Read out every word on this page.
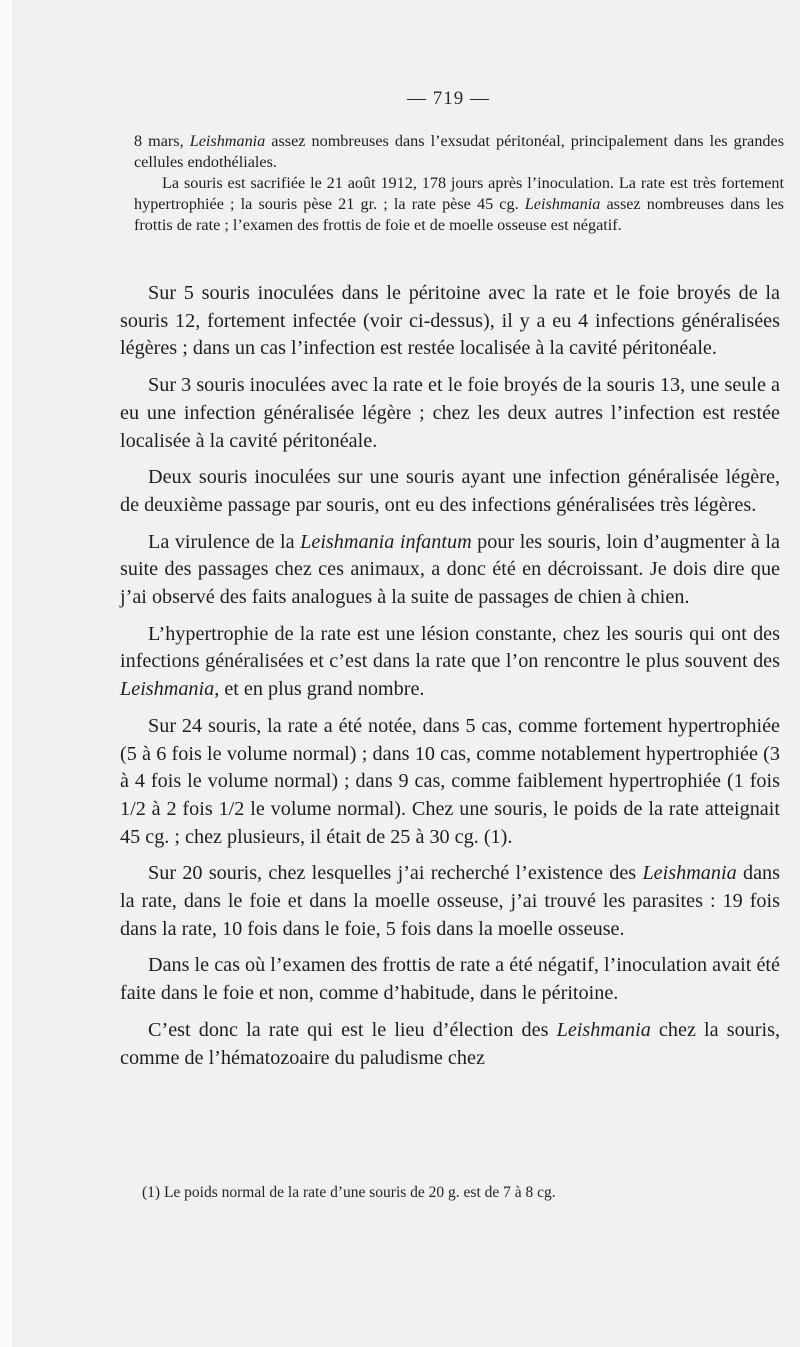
— 719 —
8 mars, Leishmania assez nombreuses dans l’exsudat péritonéal, principalement dans les grandes cellules endothéliales.
La souris est sacrifiée le 21 août 1912, 178 jours après l’inoculation. La rate est très fortement hypertrophiée ; la souris pèse 21 gr. ; la rate pèse 45 cg. Leishmania assez nombreuses dans les frottis de rate ; l’examen des frottis de foie et de moelle osseuse est négatif.

Sur 5 souris inoculées dans le péritoine avec la rate et le foie broyés de la souris 12, fortement infectée (voir ci-dessus), il y a eu 4 infections généralisées légères ; dans un cas l’infection est restée localisée à la cavité péritonéale.

Sur 3 souris inoculées avec la rate et le foie broyés de la souris 13, une seule a eu une infection généralisée légère ; chez les deux autres l’infection est restée localisée à la cavité péritonéale.

Deux souris inoculées sur une souris ayant une infection généralisée légère, de deuxième passage par souris, ont eu des infections généralisées très légères.

La virulence de la Leishmania infantum pour les souris, loin d’augmenter à la suite des passages chez ces animaux, a donc été en décroissant. Je dois dire que j’ai observé des faits analogues à la suite de passages de chien à chien.

L’hypertrophie de la rate est une lésion constante, chez les souris qui ont des infections généralisées et c’est dans la rate que l’on rencontre le plus souvent des Leishmania, et en plus grand nombre.

Sur 24 souris, la rate a été notée, dans 5 cas, comme fortement hypertrophiée (5 à 6 fois le volume normal) ; dans 10 cas, comme notablement hypertrophiée (3 à 4 fois le volume normal) ; dans 9 cas, comme faiblement hypertrophiée (1 fois 1/2 à 2 fois 1/2 le volume normal). Chez une souris, le poids de la rate atteignait 45 cg. ; chez plusieurs, il était de 25 à 30 cg. (1).

Sur 20 souris, chez lesquelles j’ai recherché l’existence des Leishmania dans la rate, dans le foie et dans la moelle osseuse, j’ai trouvé les parasites : 19 fois dans la rate, 10 fois dans le foie, 5 fois dans la moelle osseuse.

Dans le cas où l’examen des frottis de rate a été négatif, l’inoculation avait été faite dans le foie et non, comme d’habitude, dans le péritoine.

C’est donc la rate qui est le lieu d’élection des Leishmania chez la souris, comme de l’hématozoaire du paludisme chez

(1) Le poids normal de la rate d’une souris de 20 g. est de 7 à 8 cg.
